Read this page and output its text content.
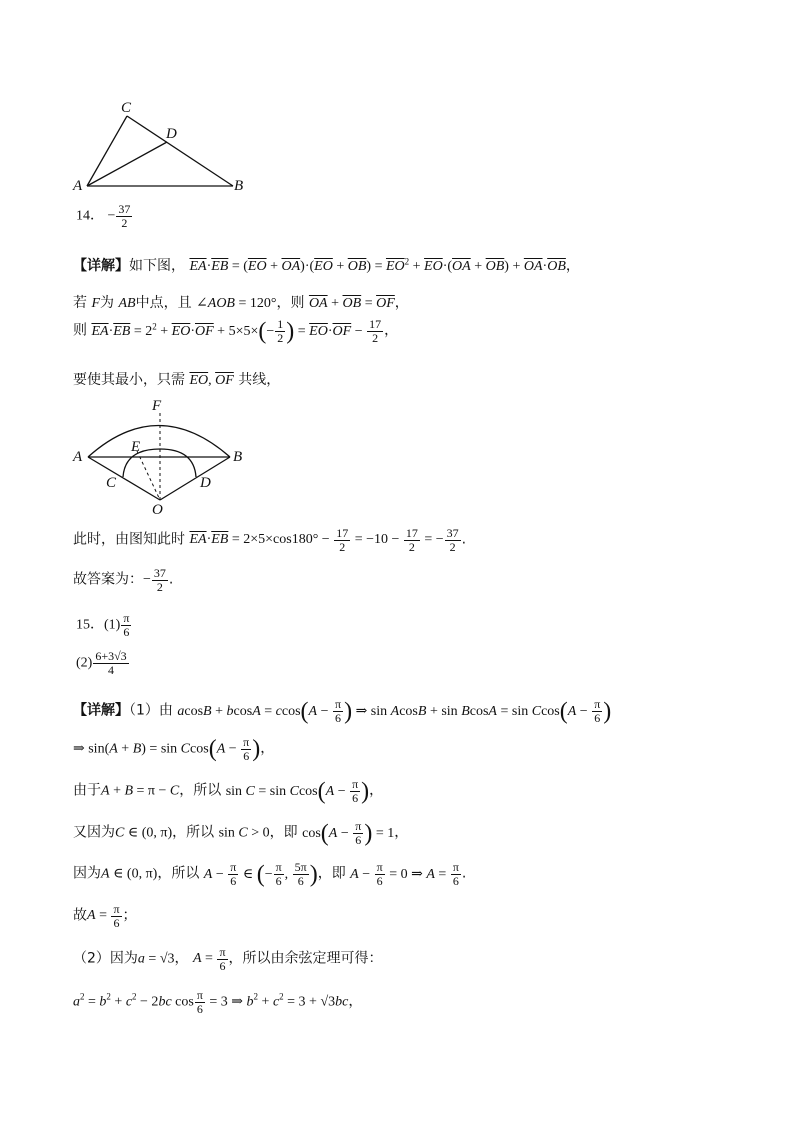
C
D
A	B
14． − $\frac{37}{2}$
【详解】如下图， $\overline{EA}\cdot\overline{EB} = (\overline{EO} + \overline{OA})\cdot(\overline{EO} + \overline{OB}) = \overline{EO}^2 + \overline{EO}\cdot(\overline{OA} + \overline{OB}) + \overline{OA}\cdot\overline{OB}$，
若 F为 AB中点，且 ∠AOB = 120°，则 $\overline{OA} + \overline{OB} = \overline{OF}$，
则 $\overline{EA}\cdot\overline{EB} = 2^2 + \overline{EO}\cdot\overline{OF} + 5\times 5\times(- \frac{1}{2}$ ) = $\overline{EO}\cdot\overline{OF} - \frac{17}{2}$ ，
要使其最小，只需 $\overline{EO}$, $\overline{OF}$ 共线，
F
A	B
E
C	D
O
此时，由图知此时 $\overline{EA}\cdot\overline{EB} = 2\times 5\times\cos 180^\circ - \frac{17}{2} = -10 - \frac{17}{2}$ = − $\frac{37}{2}$ .
故答案为：− $\frac{37}{2}$ .
15．$(1) \frac{\pi}{6}$
$(2) \frac{6+3√3}{4}$
【详解】（1）由 $acosB + bcosA = ccos(A - \frac{\pi}{6}$ ) ⇒ $\sin AcosB + \sin BcosA = \sin Ccos(A - \frac{\pi}{6}$ )
⇒ $\sin(A + B) = \sin Ccos(A - \frac{\pi}{6}$ )，
由于A + B = π − C，所以 $\sin C = \sin Ccos(A - \frac{\pi}{6}$ )，
又因为C ∈ (0, π)，所以 sin C > 0，即 $\cos(A - \frac{\pi}{6}$ ) = 1，
因为A ∈ (0, π)，所以 $A - \frac{\pi}{6}$ ∈ (− $\frac{\pi}{6}$ , $\frac{5\pi}{6}$ )，即 $A - \frac{\pi}{6} = 0$ ⇒ $A = \frac{\pi}{6}$ .
故$A = \frac{\pi}{6}$ ；
（2）因为a = √3， $A = \frac{\pi}{6}$ ，所以由余弦定理可得：
$a^2 = b^2 + c^2 - 2bc$ $\cos \frac{\pi}{6} = 3$ ⇒ $b^2 + c^2 = 3 + √3bc$，
